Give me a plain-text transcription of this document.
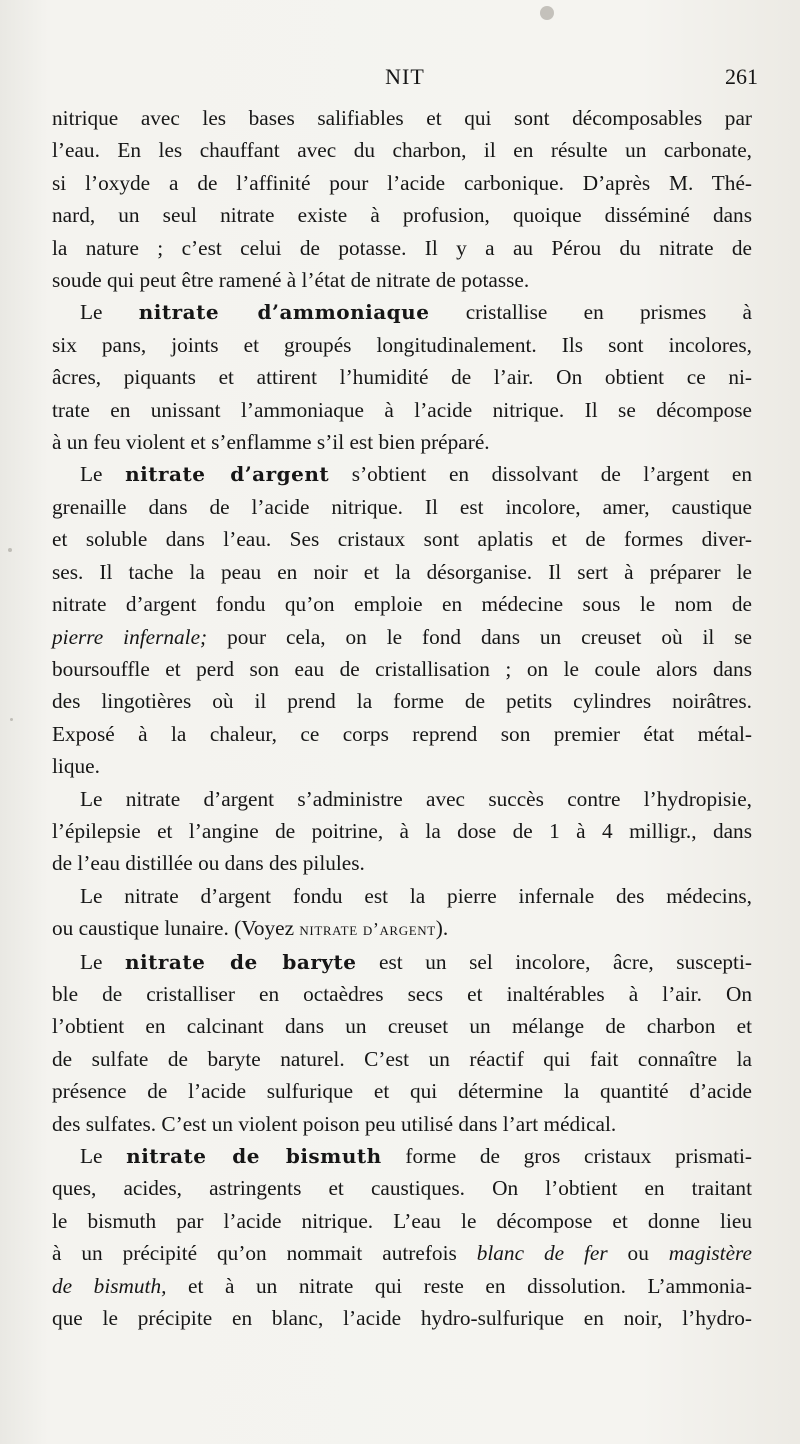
NIT	261

nitrique avec les bases salifiables et qui sont décomposables par
l’eau. En les chauffant avec du charbon, il en résulte un carbonate,
si l’oxyde a de l’affinité pour l’acide carbonique. D’après M. Thé-
nard, un seul nitrate existe à profusion, quoique disséminé dans
la nature ; c’est celui de potasse. Il y a au Pérou du nitrate de
soude qui peut être ramené à l’état de nitrate de potasse.

Le nitrate d’ammoniaque cristallise en prismes à
six pans, joints et groupés longitudinalement. Ils sont incolores,
âcres, piquants et attirent l’humidité de l’air. On obtient ce ni-
trate en unissant l’ammoniaque à l’acide nitrique. Il se décompose
à un feu violent et s’enflamme s’il est bien préparé.

Le nitrate d’argent s’obtient en dissolvant de l’argent en
grenaille dans de l’acide nitrique. Il est incolore, amer, caustique
et soluble dans l’eau. Ses cristaux sont aplatis et de formes diver-
ses. Il tache la peau en noir et la désorganise. Il sert à préparer le
nitrate d’argent fondu qu’on emploie en médecine sous le nom de
pierre infernale; pour cela, on le fond dans un creuset où il se
boursouffle et perd son eau de cristallisation ; on le coule alors dans
des lingotières où il prend la forme de petits cylindres noirâtres.
Exposé à la chaleur, ce corps reprend son premier état métal-
lique.

Le nitrate d’argent s’administre avec succès contre l’hydropisie,
l’épilepsie et l’angine de poitrine, à la dose de 1 à 4 milligr., dans
de l’eau distillée ou dans des pilules.

Le nitrate d’argent fondu est la pierre infernale des médecins,
ou caustique lunaire. (Voyez nitrate d’argent).

Le nitrate de baryte est un sel incolore, âcre, suscepti-
ble de cristalliser en octaèdres secs et inaltérables à l’air. On
l’obtient en calcinant dans un creuset un mélange de charbon et
de sulfate de baryte naturel. C’est un réactif qui fait connaître la
présence de l’acide sulfurique et qui détermine la quantité d’acide
des sulfates. C’est un violent poison peu utilisé dans l’art médical.

Le nitrate de bismuth forme de gros cristaux prismati-
ques, acides, astringents et caustiques. On l’obtient en traitant
le bismuth par l’acide nitrique. L’eau le décompose et donne lieu
à un précipité qu’on nommait autrefois blanc de fer ou magistère
de bismuth, et à un nitrate qui reste en dissolution. L’ammonia-
que le précipite en blanc, l’acide hydro-sulfurique en noir, l’hydro-
